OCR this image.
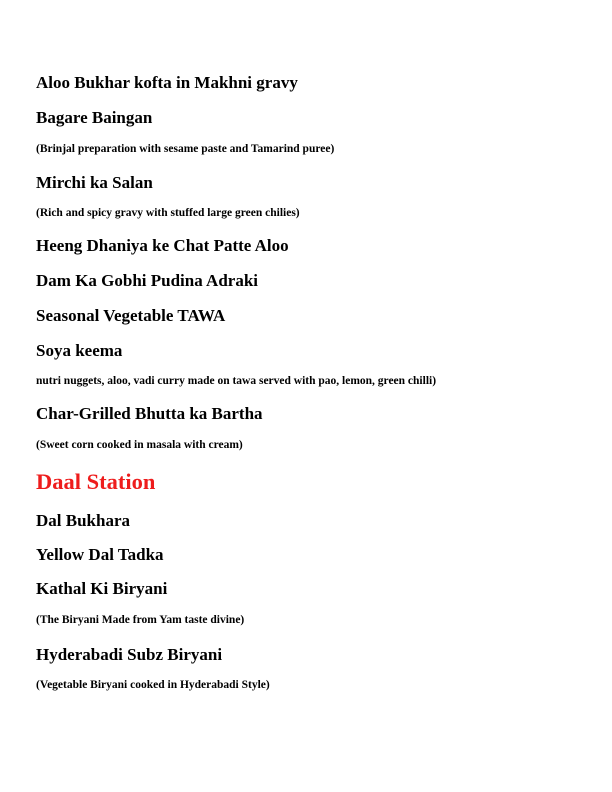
Aloo Bukhar kofta in Makhni gravy
Bagare Baingan
(Brinjal preparation with sesame paste and Tamarind puree)
Mirchi ka Salan
(Rich and spicy gravy with stuffed large green chilies)
Heeng Dhaniya ke Chat Patte Aloo
Dam Ka Gobhi Pudina Adraki
Seasonal Vegetable TAWA
Soya keema
nutri nuggets, aloo, vadi curry made on tawa served with pao, lemon, green chilli)
Char-Grilled Bhutta ka Bartha
(Sweet corn cooked in masala with cream)
Daal Station
Dal Bukhara
Yellow Dal Tadka
Kathal Ki Biryani
(The Biryani Made from Yam taste divine)
Hyderabadi Subz Biryani
(Vegetable Biryani cooked in Hyderabadi Style)
